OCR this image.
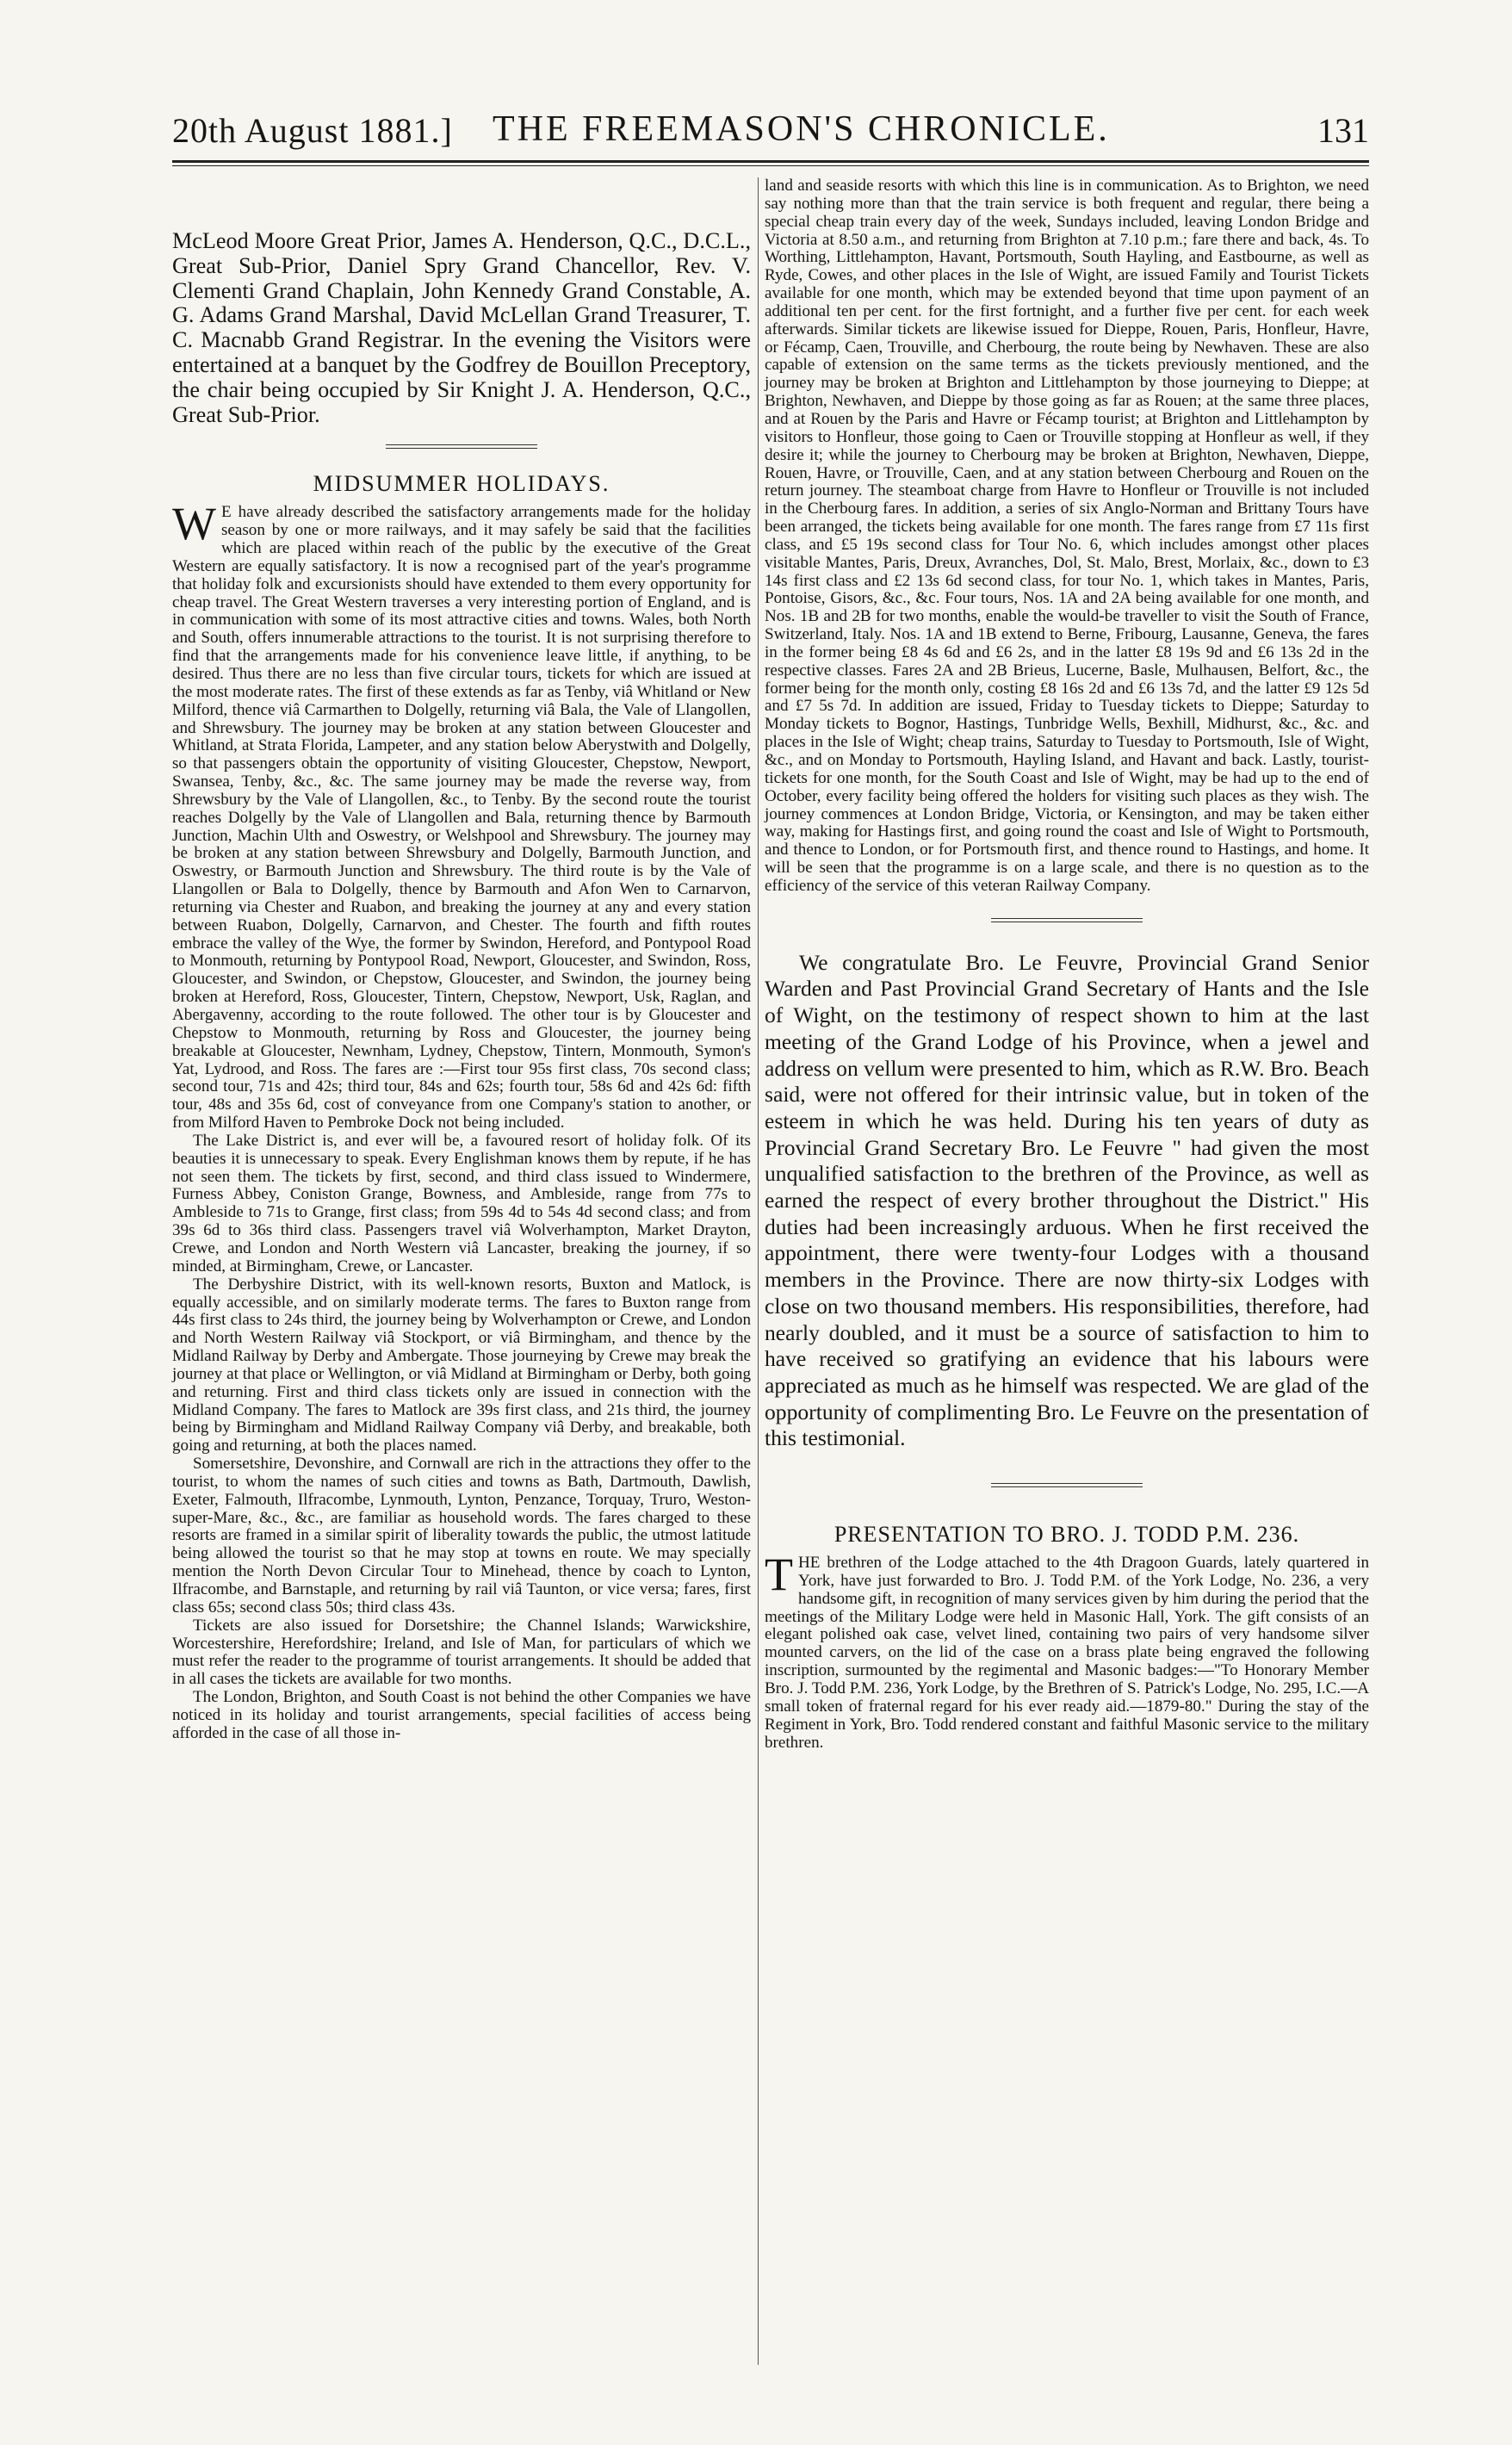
20th August 1881.] THE FREEMASON'S CHRONICLE.	131

McLeod Moore Great Prior, James A. Henderson, Q.C., D.C.L., Great Sub-Prior, Daniel Spry Grand Chancellor, Rev. V. Clementi Grand Chaplain, John Kennedy Grand Constable, A. G. Adams Grand Marshal, David McLellan Grand Treasurer, T. C. Macnabb Grand Registrar. In the evening the Visitors were entertained at a banquet by the Godfrey de Bouillon Preceptory, the chair being occupied by Sir Knight J. A. Henderson, Q.C., Great Sub-Prior.

MIDSUMMER HOLIDAYS.

W E have already described the satisfactory arrangements made for the holiday season by one or more railways, and it may safely be said that the facilities which are placed within reach of the public by the executive of the Great Western are equally satisfactory. It is now a recognised part of the year's programme that holiday folk and excursionists should have extended to them every opportunity for cheap travel. The Great Western traverses a very interesting portion of England, and is in communication with some of its most attractive cities and towns. Wales, both North and South, offers innumerable attractions to the tourist. It is not surprising therefore to find that the arrangements made for his convenience leave little, if anything, to be desired. Thus there are no less than five circular tours, tickets for which are issued at the most moderate rates. The first of these extends as far as Tenby, viâ Whitland or New Milford, thence viâ Carmarthen to Dolgelly, returning viâ Bala, the Vale of Llangollen, and Shrewsbury. The journey may be broken at any station between Gloucester and Whitland, at Strata Florida, Lampeter, and any station below Aberystwith and Dolgelly, so that passengers obtain the opportunity of visiting Gloucester, Chepstow, Newport, Swansea, Tenby, &c., &c. The same journey may be made the reverse way, from Shrewsbury by the Vale of Llangollen, &c., to Tenby. By the second route the tourist reaches Dolgelly by the Vale of Llangollen and Bala, returning thence by Barmouth Junction, Machin Ulth and Oswestry, or Welshpool and Shrewsbury. The journey may be broken at any station between Shrewsbury and Dolgelly, Barmouth Junction, and Oswestry, or Barmouth Junction and Shrewsbury. The third route is by the Vale of Llangollen or Bala to Dolgelly, thence by Barmouth and Afon Wen to Carnarvon, returning via Chester and Ruabon, and breaking the journey at any and every station between Ruabon, Dolgelly, Carnarvon, and Chester. The fourth and fifth routes embrace the valley of the Wye, the former by Swindon, Hereford, and Pontypool Road to Monmouth, returning by Pontypool Road, Newport, Gloucester, and Swindon, Ross, Gloucester, and Swindon, or Chepstow, Gloucester, and Swindon, the journey being broken at Hereford, Ross, Gloucester, Tintern, Chepstow, Newport, Usk, Raglan, and Abergavenny, according to the route followed. The other tour is by Gloucester and Chepstow to Monmouth, returning by Ross and Gloucester, the journey being breakable at Gloucester, Newnham, Lydney, Chepstow, Tintern, Monmouth, Symon's Yat, Lydrood, and Ross. The fares are :—First tour 95s first class, 70s second class; second tour, 71s and 42s; third tour, 84s and 62s; fourth tour, 58s 6d and 42s 6d: fifth tour, 48s and 35s 6d, cost of conveyance from one Company's station to another, or from Milford Haven to Pembroke Dock not being included.

The Lake District is, and ever will be, a favoured resort of holiday folk. Of its beauties it is unnecessary to speak. Every Englishman knows them by repute, if he has not seen them. The tickets by first, second, and third class issued to Windermere, Furness Abbey, Coniston Grange, Bowness, and Ambleside, range from 77s to Ambleside to 71s to Grange, first class; from 59s 4d to 54s 4d second class; and from 39s 6d to 36s third class. Passengers travel viâ Wolverhampton, Market Drayton, Crewe, and London and North Western viâ Lancaster, breaking the journey, if so minded, at Birmingham, Crewe, or Lancaster.

The Derbyshire District, with its well-known resorts, Buxton and Matlock, is equally accessible, and on similarly moderate terms. The fares to Buxton range from 44s first class to 24s third, the journey being by Wolverhampton or Crewe, and London and North Western Railway viâ Stockport, or viâ Birmingham, and thence by the Midland Railway by Derby and Ambergate. Those journeying by Crewe may break the journey at that place or Wellington, or viâ Midland at Birmingham or Derby, both going and returning. First and third class tickets only are issued in connection with the Midland Company. The fares to Matlock are 39s first class, and 21s third, the journey being by Birmingham and Midland Railway Company viâ Derby, and breakable, both going and returning, at both the places named.

Somersetshire, Devonshire, and Cornwall are rich in the attractions they offer to the tourist, to whom the names of such cities and towns as Bath, Dartmouth, Dawlish, Exeter, Falmouth, Ilfracombe, Lynmouth, Lynton, Penzance, Torquay, Truro, Weston-super-Mare, &c., &c., are familiar as household words. The fares charged to these resorts are framed in a similar spirit of liberality towards the public, the utmost latitude being allowed the tourist so that he may stop at towns en route. We may specially mention the North Devon Circular Tour to Minehead, thence by coach to Lynton, Ilfracombe, and Barnstaple, and returning by rail viâ Taunton, or vice versa; fares, first class 65s; second class 50s; third class 43s.

Tickets are also issued for Dorsetshire; the Channel Islands; Warwickshire, Worcestershire, Herefordshire; Ireland, and Isle of Man, for particulars of which we must refer the reader to the programme of tourist arrangements. It should be added that in all cases the tickets are available for two months.

The London, Brighton, and South Coast is not behind the other Companies we have noticed in its holiday and tourist arrangements, special facilities of access being afforded in the case of all those in-

land and seaside resorts with which this line is in communication. As to Brighton, we need say nothing more than that the train service is both frequent and regular, there being a special cheap train every day of the week, Sundays included, leaving London Bridge and Victoria at 8.50 a.m., and returning from Brighton at 7.10 p.m.; fare there and back, 4s. To Worthing, Littlehampton, Havant, Portsmouth, South Hayling, and Eastbourne, as well as Ryde, Cowes, and other places in the Isle of Wight, are issued Family and Tourist Tickets available for one month, which may be extended beyond that time upon payment of an additional ten per cent. for the first fortnight, and a further five per cent. for each week afterwards. Similar tickets are likewise issued for Dieppe, Rouen, Paris, Honfleur, Havre, or Fécamp, Caen, Trouville, and Cherbourg, the route being by Newhaven. These are also capable of extension on the same terms as the tickets previously mentioned, and the journey may be broken at Brighton and Littlehampton by those journeying to Dieppe; at Brighton, Newhaven, and Dieppe by those going as far as Rouen; at the same three places, and at Rouen by the Paris and Havre or Fécamp tourist; at Brighton and Littlehampton by visitors to Honfleur, those going to Caen or Trouville stopping at Honfleur as well, if they desire it; while the journey to Cherbourg may be broken at Brighton, Newhaven, Dieppe, Rouen, Havre, or Trouville, Caen, and at any station between Cherbourg and Rouen on the return journey. The steamboat charge from Havre to Honfleur or Trouville is not included in the Cherbourg fares. In addition, a series of six Anglo-Norman and Brittany Tours have been arranged, the tickets being available for one month. The fares range from £7 11s first class, and £5 19s second class for Tour No. 6, which includes amongst other places visitable Mantes, Paris, Dreux, Avranches, Dol, St. Malo, Brest, Morlaix, &c., down to £3 14s first class and £2 13s 6d second class, for tour No. 1, which takes in Mantes, Paris, Pontoise, Gisors, &c., &c. Four tours, Nos. 1A and 2A being available for one month, and Nos. 1B and 2B for two months, enable the would-be traveller to visit the South of France, Switzerland, Italy. Nos. 1A and 1B extend to Berne, Fribourg, Lausanne, Geneva, the fares in the former being £8 4s 6d and £6 2s, and in the latter £8 19s 9d and £6 13s 2d in the respective classes. Fares 2A and 2B Brieus, Lucerne, Basle, Mulhausen, Belfort, &c., the former being for the month only, costing £8 16s 2d and £6 13s 7d, and the latter £9 12s 5d and £7 5s 7d. In addition are issued, Friday to Tuesday tickets to Dieppe; Saturday to Monday tickets to Bognor, Hastings, Tunbridge Wells, Bexhill, Midhurst, &c., &c. and places in the Isle of Wight; cheap trains, Saturday to Tuesday to Portsmouth, Isle of Wight, &c., and on Monday to Portsmouth, Hayling Island, and Havant and back. Lastly, tourist-tickets for one month, for the South Coast and Isle of Wight, may be had up to the end of October, every facility being offered the holders for visiting such places as they wish. The journey commences at London Bridge, Victoria, or Kensington, and may be taken either way, making for Hastings first, and going round the coast and Isle of Wight to Portsmouth, and thence to London, or for Portsmouth first, and thence round to Hastings, and home. It will be seen that the programme is on a large scale, and there is no question as to the efficiency of the service of this veteran Railway Company.

We congratulate Bro. Le Feuvre, Provincial Grand Senior Warden and Past Provincial Grand Secretary of Hants and the Isle of Wight, on the testimony of respect shown to him at the last meeting of the Grand Lodge of his Province, when a jewel and address on vellum were presented to him, which as R.W. Bro. Beach said, were not offered for their intrinsic value, but in token of the esteem in which he was held. During his ten years of duty as Provincial Grand Secretary Bro. Le Feuvre " had given the most unqualified satisfaction to the brethren of the Province, as well as earned the respect of every brother throughout the District." His duties had been increasingly arduous. When he first received the appointment, there were twenty-four Lodges with a thousand members in the Province. There are now thirty-six Lodges with close on two thousand members. His responsibilities, therefore, had nearly doubled, and it must be a source of satisfaction to him to have received so gratifying an evidence that his labours were appreciated as much as he himself was respected. We are glad of the opportunity of complimenting Bro. Le Feuvre on the presentation of this testimonial.

PRESENTATION TO BRO. J. TODD P.M. 236.

THE brethren of the Lodge attached to the 4th Dragoon Guards, lately quartered in York, have just forwarded to Bro. J. Todd P.M. of the York Lodge, No. 236, a very handsome gift, in recognition of many services given by him during the period that the meetings of the Military Lodge were held in Masonic Hall, York. The gift consists of an elegant polished oak case, velvet lined, containing two pairs of very handsome silver mounted carvers, on the lid of the case on a brass plate being engraved the following inscription, surmounted by the regimental and Masonic badges:—"To Honorary Member Bro. J. Todd P.M. 236, York Lodge, by the Brethren of S. Patrick's Lodge, No. 295, I.C.—A small token of fraternal regard for his ever ready aid.—1879-80." During the stay of the Regiment in York, Bro. Todd rendered constant and faithful Masonic service to the military brethren.
